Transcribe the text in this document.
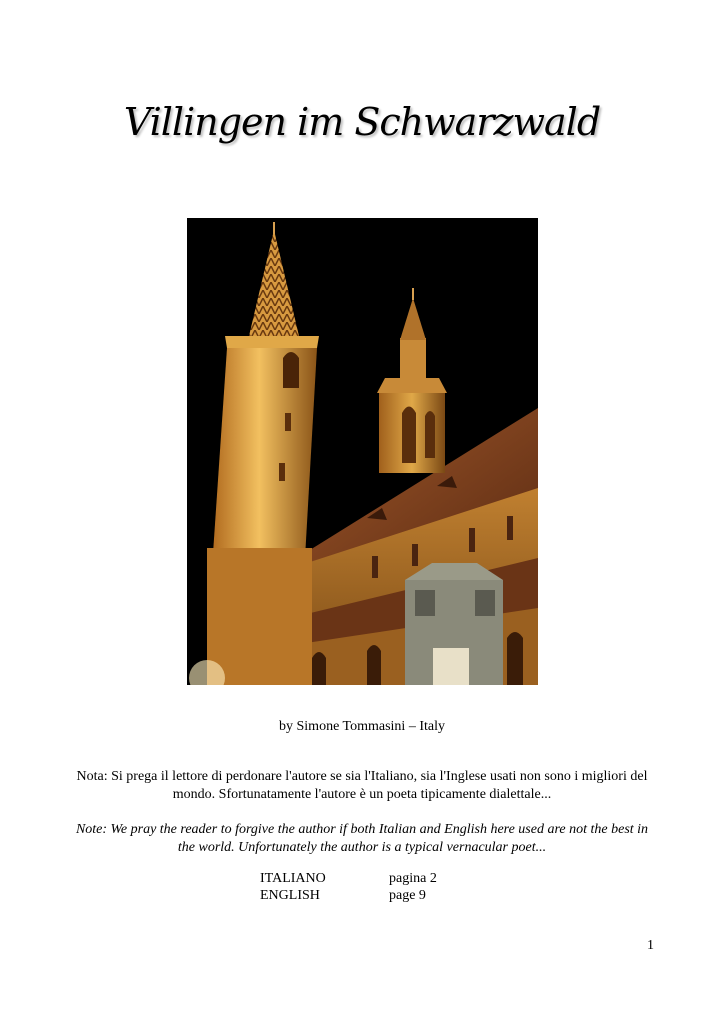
Villingen im Schwarzwald
by Simone Tommasini – Italy
Nota: Si prega il lettore di perdonare l'autore se sia l'Italiano, sia l'Inglese usati non sono i migliori del mondo. Sfortunatamente l'autore è un poeta tipicamente dialettale...
Note: We pray the reader to forgive the author if both Italian and English here used are not the best in the world. Unfortunately the author is a typical vernacular poet...
ITALIANO	pagina 2
ENGLISH	page 9
1
